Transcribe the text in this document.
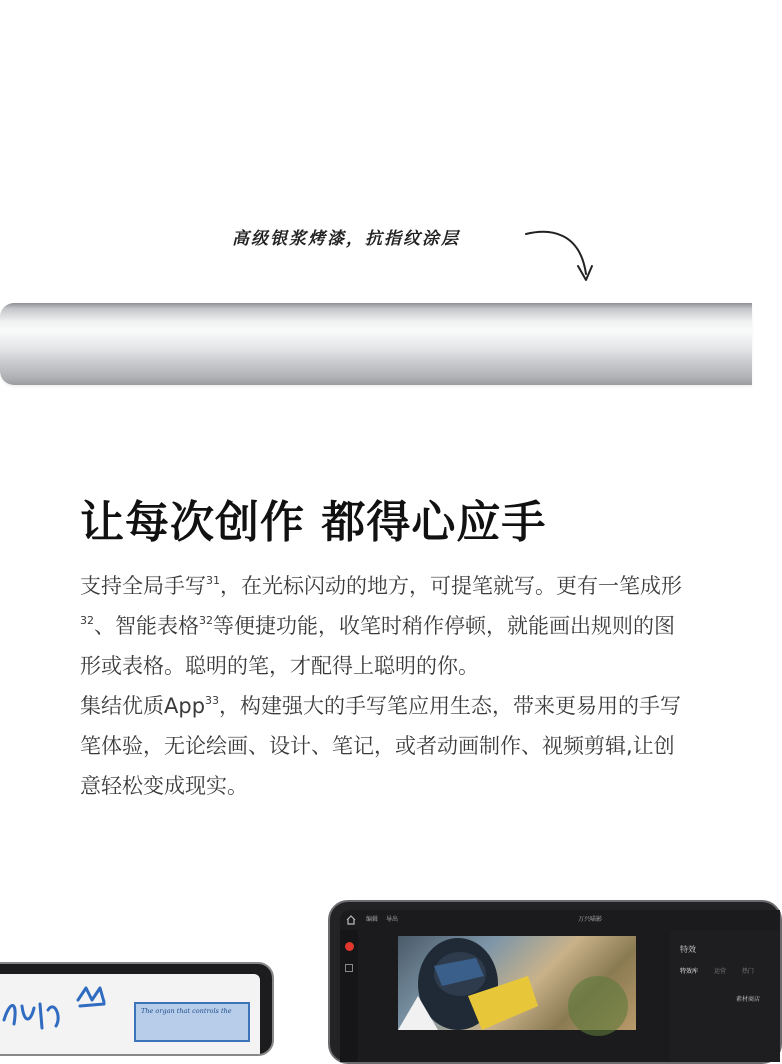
高级银浆烤漆，抗指纹涂层
让每次创作 都得心应手

支持全局手写$^{31}$，在光标闪动的地方，可提笔就写。更有一笔成形$^{32}$、智能表格$^{32}$等便捷功能，收笔时稍作停顿，就能画出规则的图形或表格。聪明的笔，才配得上聪明的你。

集结优质App$^{33}$，构建强大的手写笔应用生态，带来更易用的手写笔体验，无论绘画、设计、笔记，或者动画制作、视频剪辑,让创意轻松变成现实。

The organ that controls the
编辑 导出	万兴喵影
特效
特效库	运营	热门
素材商店
